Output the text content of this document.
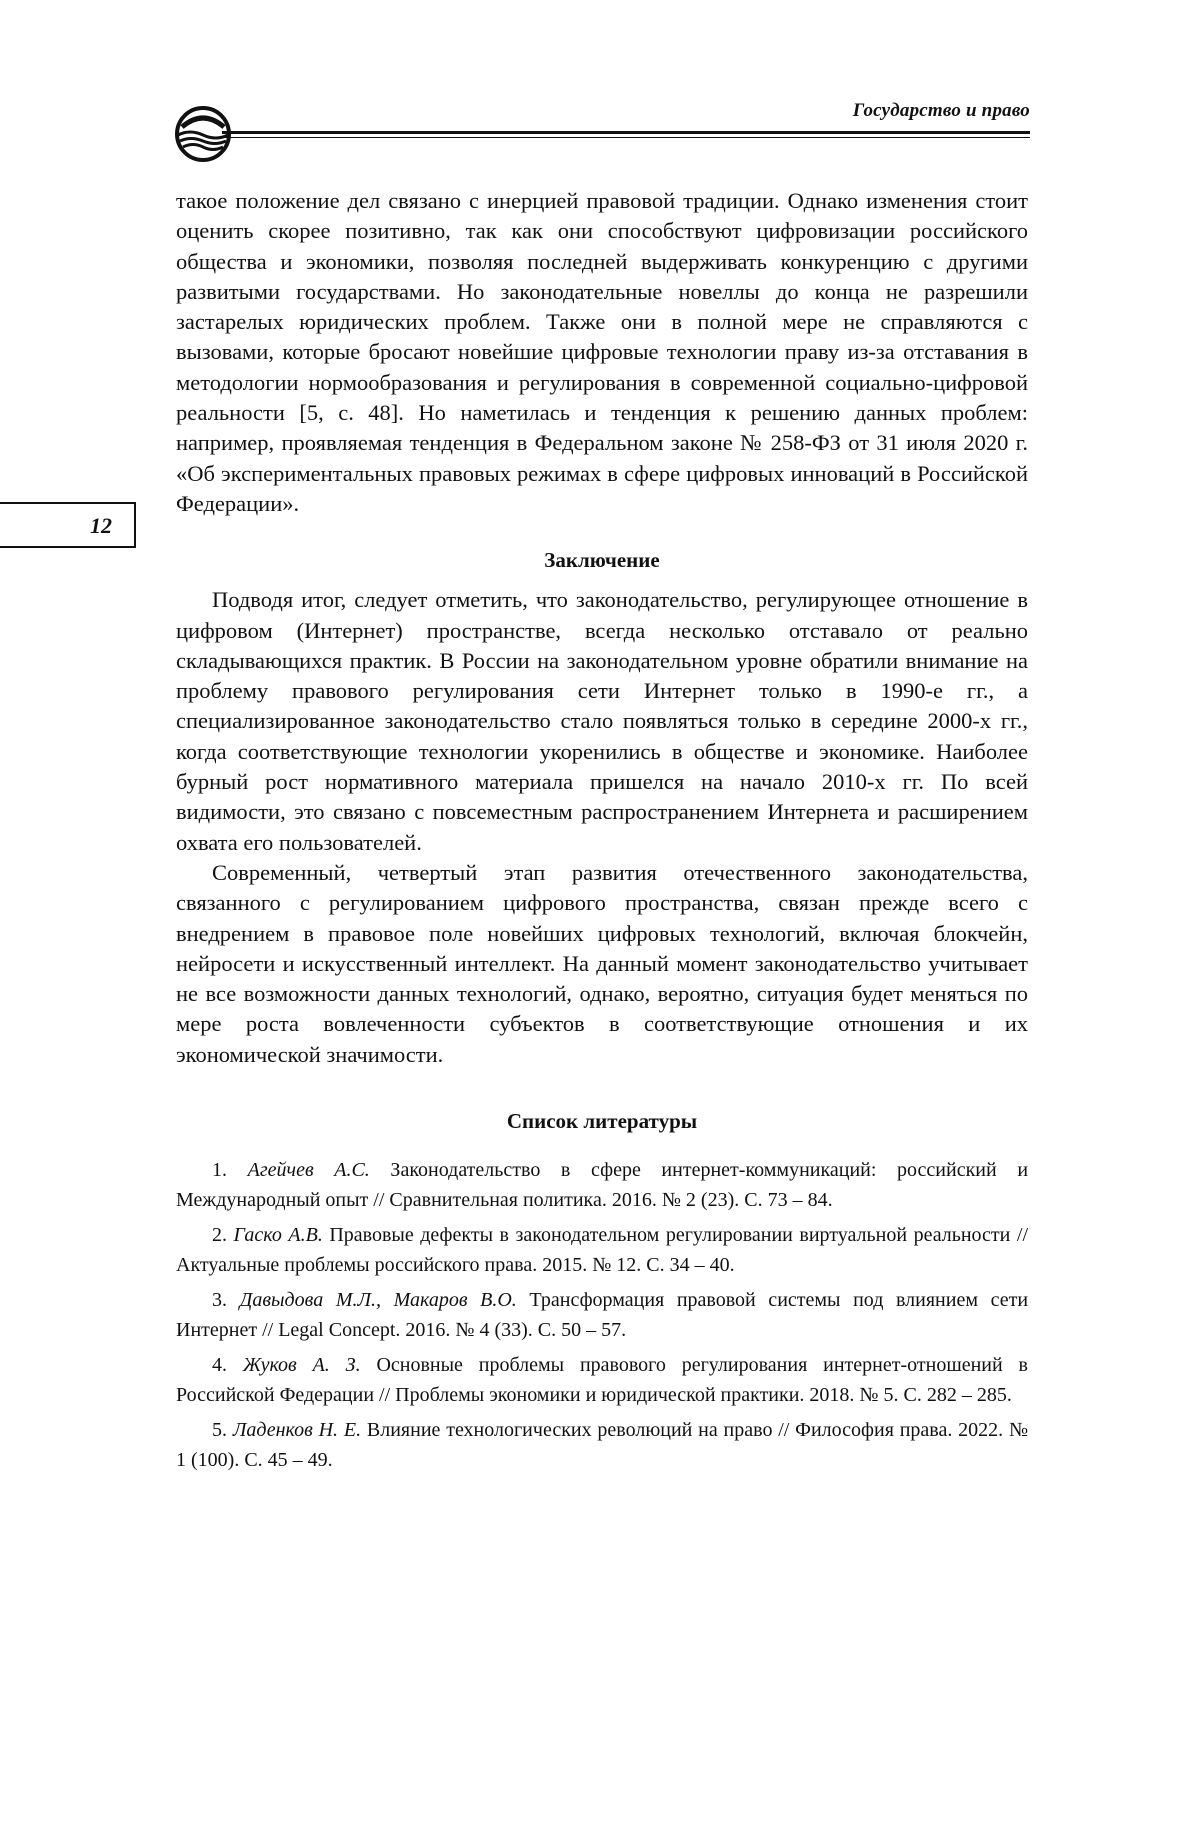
Государство и право
12

такое положение дел связано с инерцией правовой традиции. Однако изменения стоит оценить скорее позитивно, так как они способствуют цифровизации российского общества и экономики, позволяя последней выдерживать конкуренцию с другими развитыми государствами. Но законодательные новеллы до конца не разрешили застарелых юридических проблем. Также они в полной мере не справляются с вызовами, которые бросают новейшие цифровые технологии праву из-за отставания в методологии нормообразования и регулирования в современной социально-цифровой реальности [5, с. 48]. Но наметилась и тенденция к решению данных проблем: например, проявляемая тенденция в Федеральном законе № 258-ФЗ от 31 июля 2020 г. «Об экспериментальных правовых режимах в сфере цифровых инноваций в Российской Федерации».

Заключение

Подводя итог, следует отметить, что законодательство, регулирующее отношение в цифровом (Интернет) пространстве, всегда несколько отставало от реально складывающихся практик. В России на законодательном уровне обратили внимание на проблему правового регулирования сети Интернет только в 1990-е гг., а специализированное законодательство стало появляться только в середине 2000-х гг., когда соответствующие технологии укоренились в обществе и экономике. Наиболее бурный рост нормативного материала пришелся на начало 2010-х гг. По всей видимости, это связано с повсеместным распространением Интернета и расширением охвата его пользователей.

Современный, четвертый этап развития отечественного законодательства, связанного с регулированием цифрового пространства, связан прежде всего с внедрением в правовое поле новейших цифровых технологий, включая блокчейн, нейросети и искусственный интеллект. На данный момент законодательство учитывает не все возможности данных технологий, однако, вероятно, ситуация будет меняться по мере роста вовлеченности субъектов в соответствующие отношения и их экономической значимости.

Список литературы

1. Агейчев А.С. Законодательство в сфере интернет-коммуникаций: российский и Международный опыт // Сравнительная политика. 2016. № 2 (23). С. 73 – 84.

2. Гаско А.В. Правовые дефекты в законодательном регулировании виртуальной реальности // Актуальные проблемы российского права. 2015. № 12. С. 34 – 40.

3. Давыдова М.Л., Макаров В.О. Трансформация правовой системы под влиянием сети Интернет // Legal Concept. 2016. № 4 (33). С. 50 – 57.

4. Жуков А. З. Основные проблемы правового регулирования интернет-отношений в Российской Федерации // Проблемы экономики и юридической практики. 2018. № 5. С. 282 – 285.

5. Ладенков Н. Е. Влияние технологических революций на право // Философия права. 2022. № 1 (100). С. 45 – 49.
